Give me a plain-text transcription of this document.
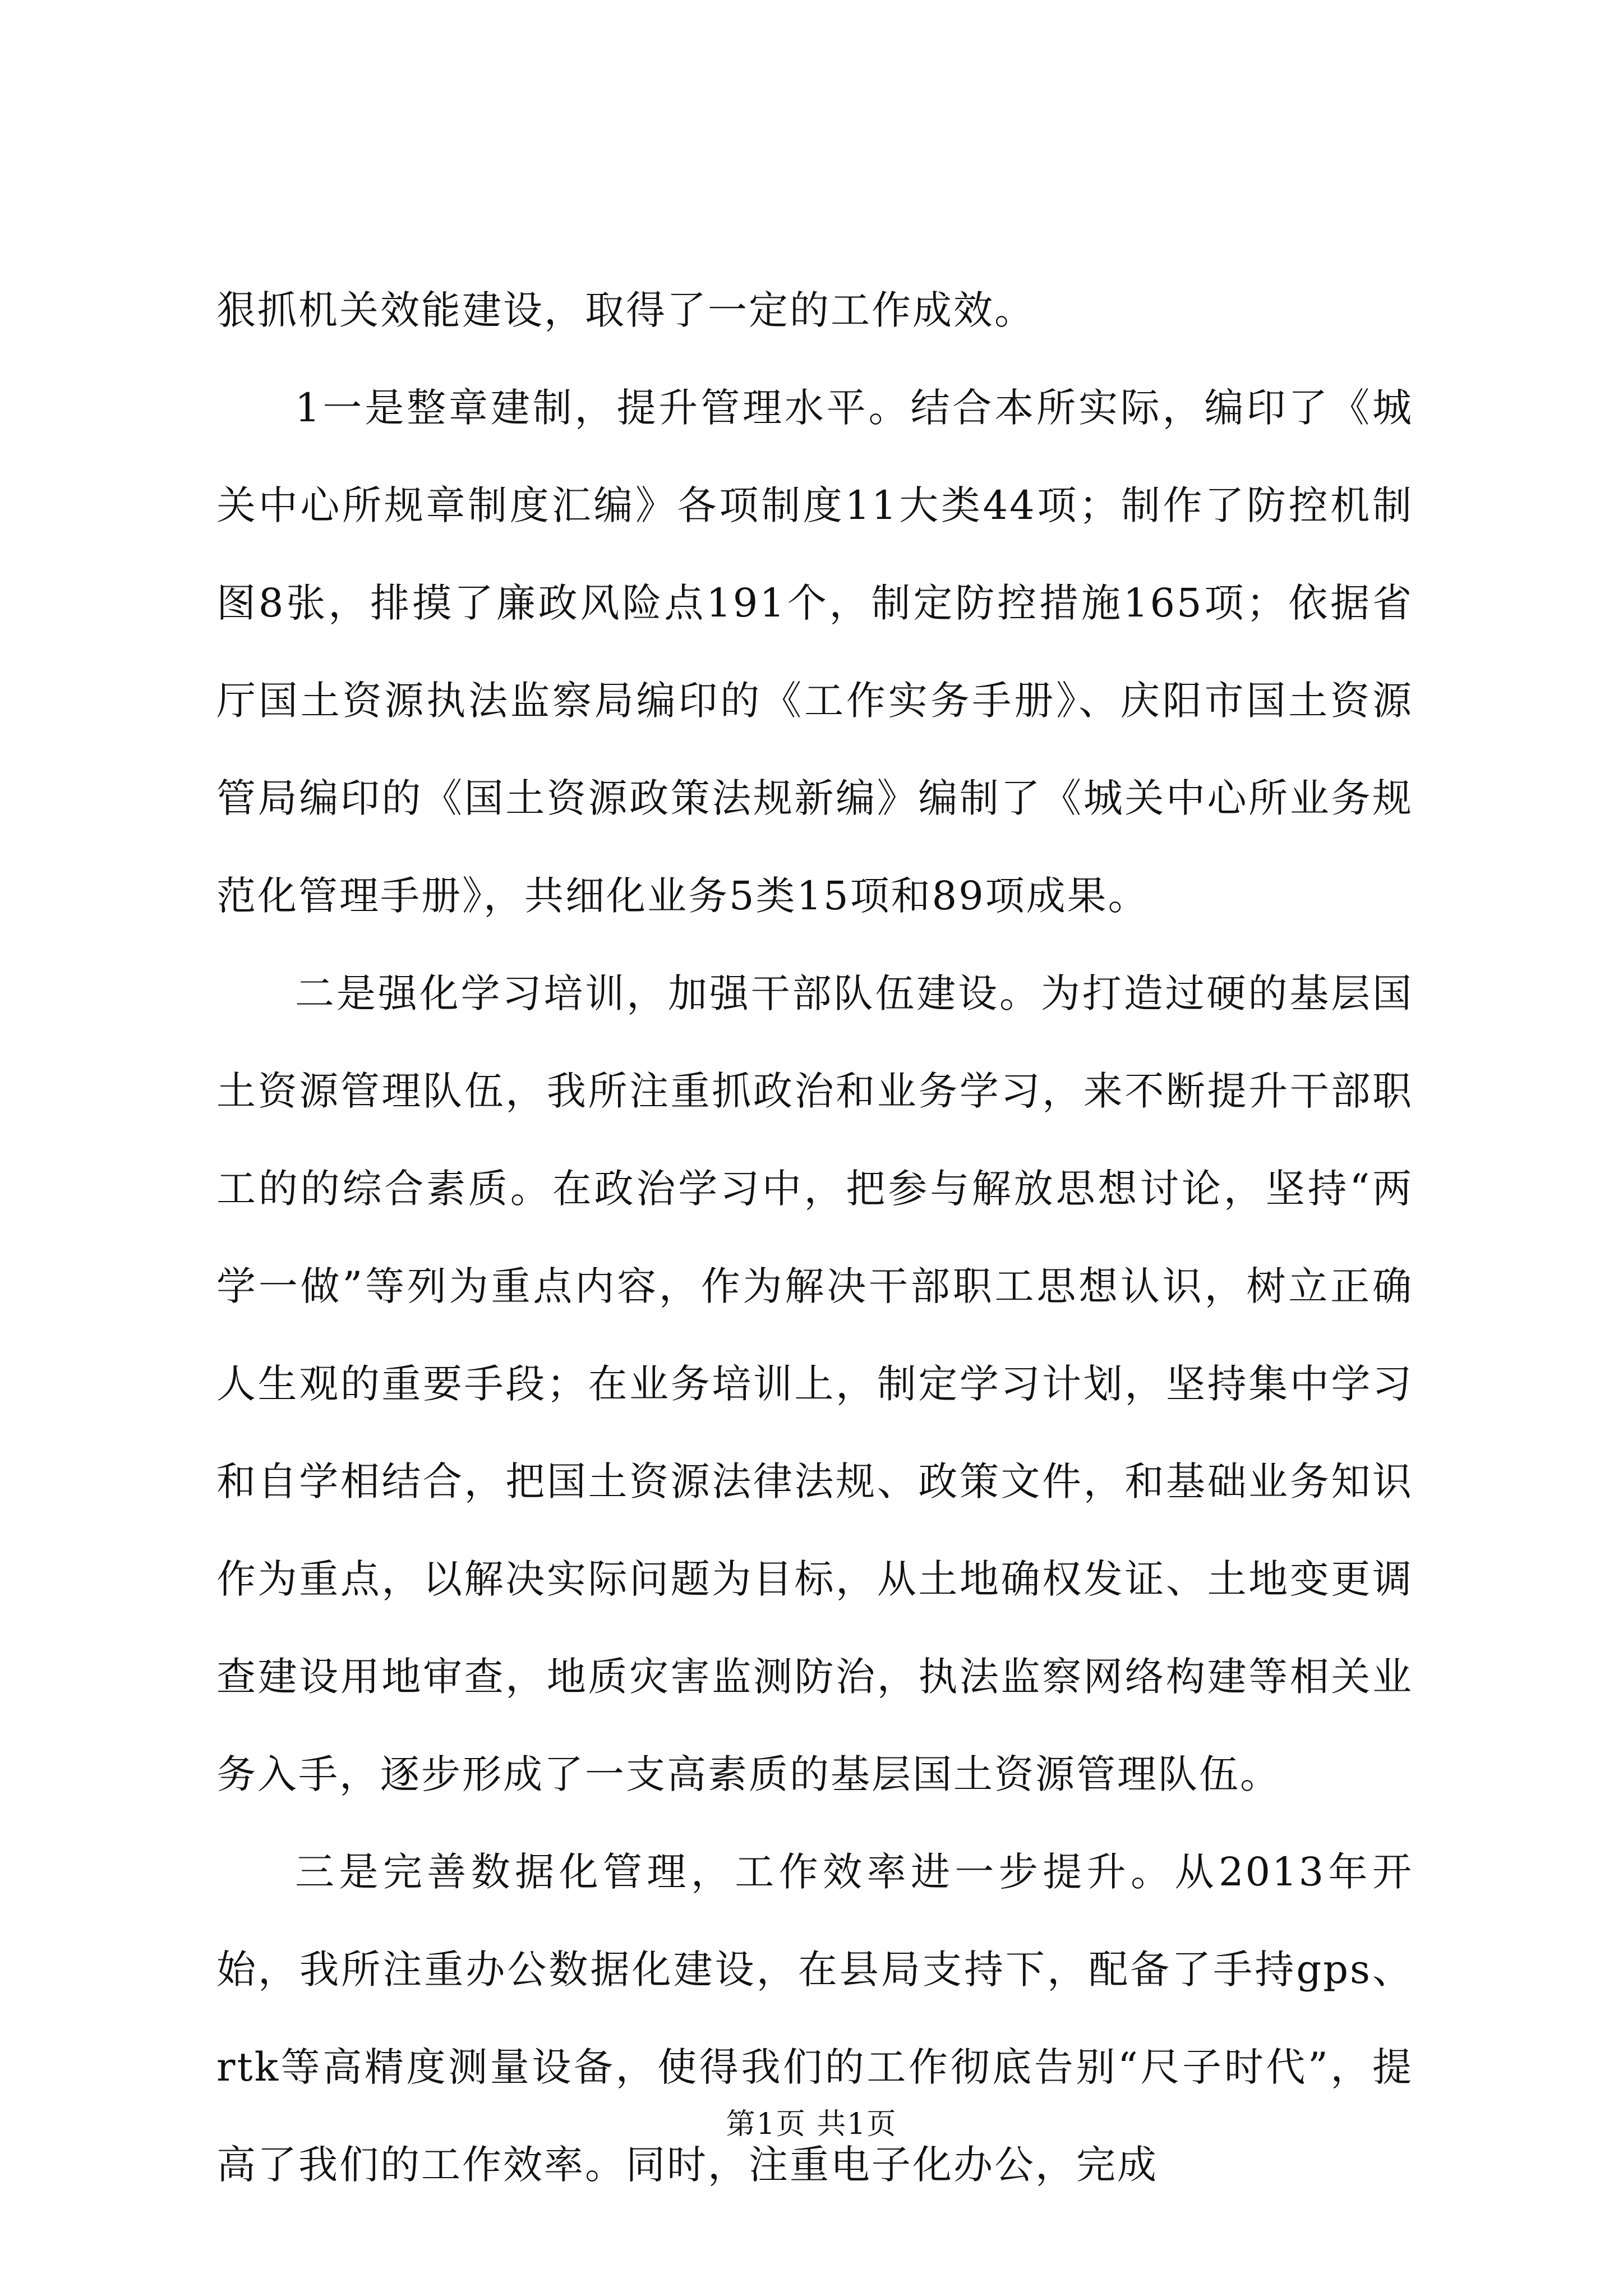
狠抓机关效能建设，取得了一定的工作成效。

1一是整章建制，提升管理水平。结合本所实际，编印了《城关中心所规章制度汇编》各项制度11大类44项；制作了防控机制图8张，排摸了廉政风险点191个，制定防控措施165项；依据省厅国土资源执法监察局编印的《工作实务手册》、庆阳市国土资源管局编印的《国土资源政策法规新编》编制了《城关中心所业务规范化管理手册》，共细化业务5类15项和89项成果。

二是强化学习培训，加强干部队伍建设。为打造过硬的基层国土资源管理队伍，我所注重抓政治和业务学习，来不断提升干部职工的的综合素质。在政治学习中，把参与解放思想讨论，坚持“两学一做”等列为重点内容，作为解决干部职工思想认识，树立正确人生观的重要手段；在业务培训上，制定学习计划，坚持集中学习和自学相结合，把国土资源法律法规、政策文件，和基础业务知识作为重点，以解决实际问题为目标，从土地确权发证、土地变更调查建设用地审查，地质灾害监测防治，执法监察网络构建等相关业务入手，逐步形成了一支高素质的基层国土资源管理队伍。

三是完善数据化管理，工作效率进一步提升。从2013年开始，我所注重办公数据化建设，在县局支持下，配备了手持gps、rtk等高精度测量设备，使得我们的工作彻底告别“尺子时代”，提高了我们的工作效率。同时，注重电子化办公，完成

第1页 共1页
